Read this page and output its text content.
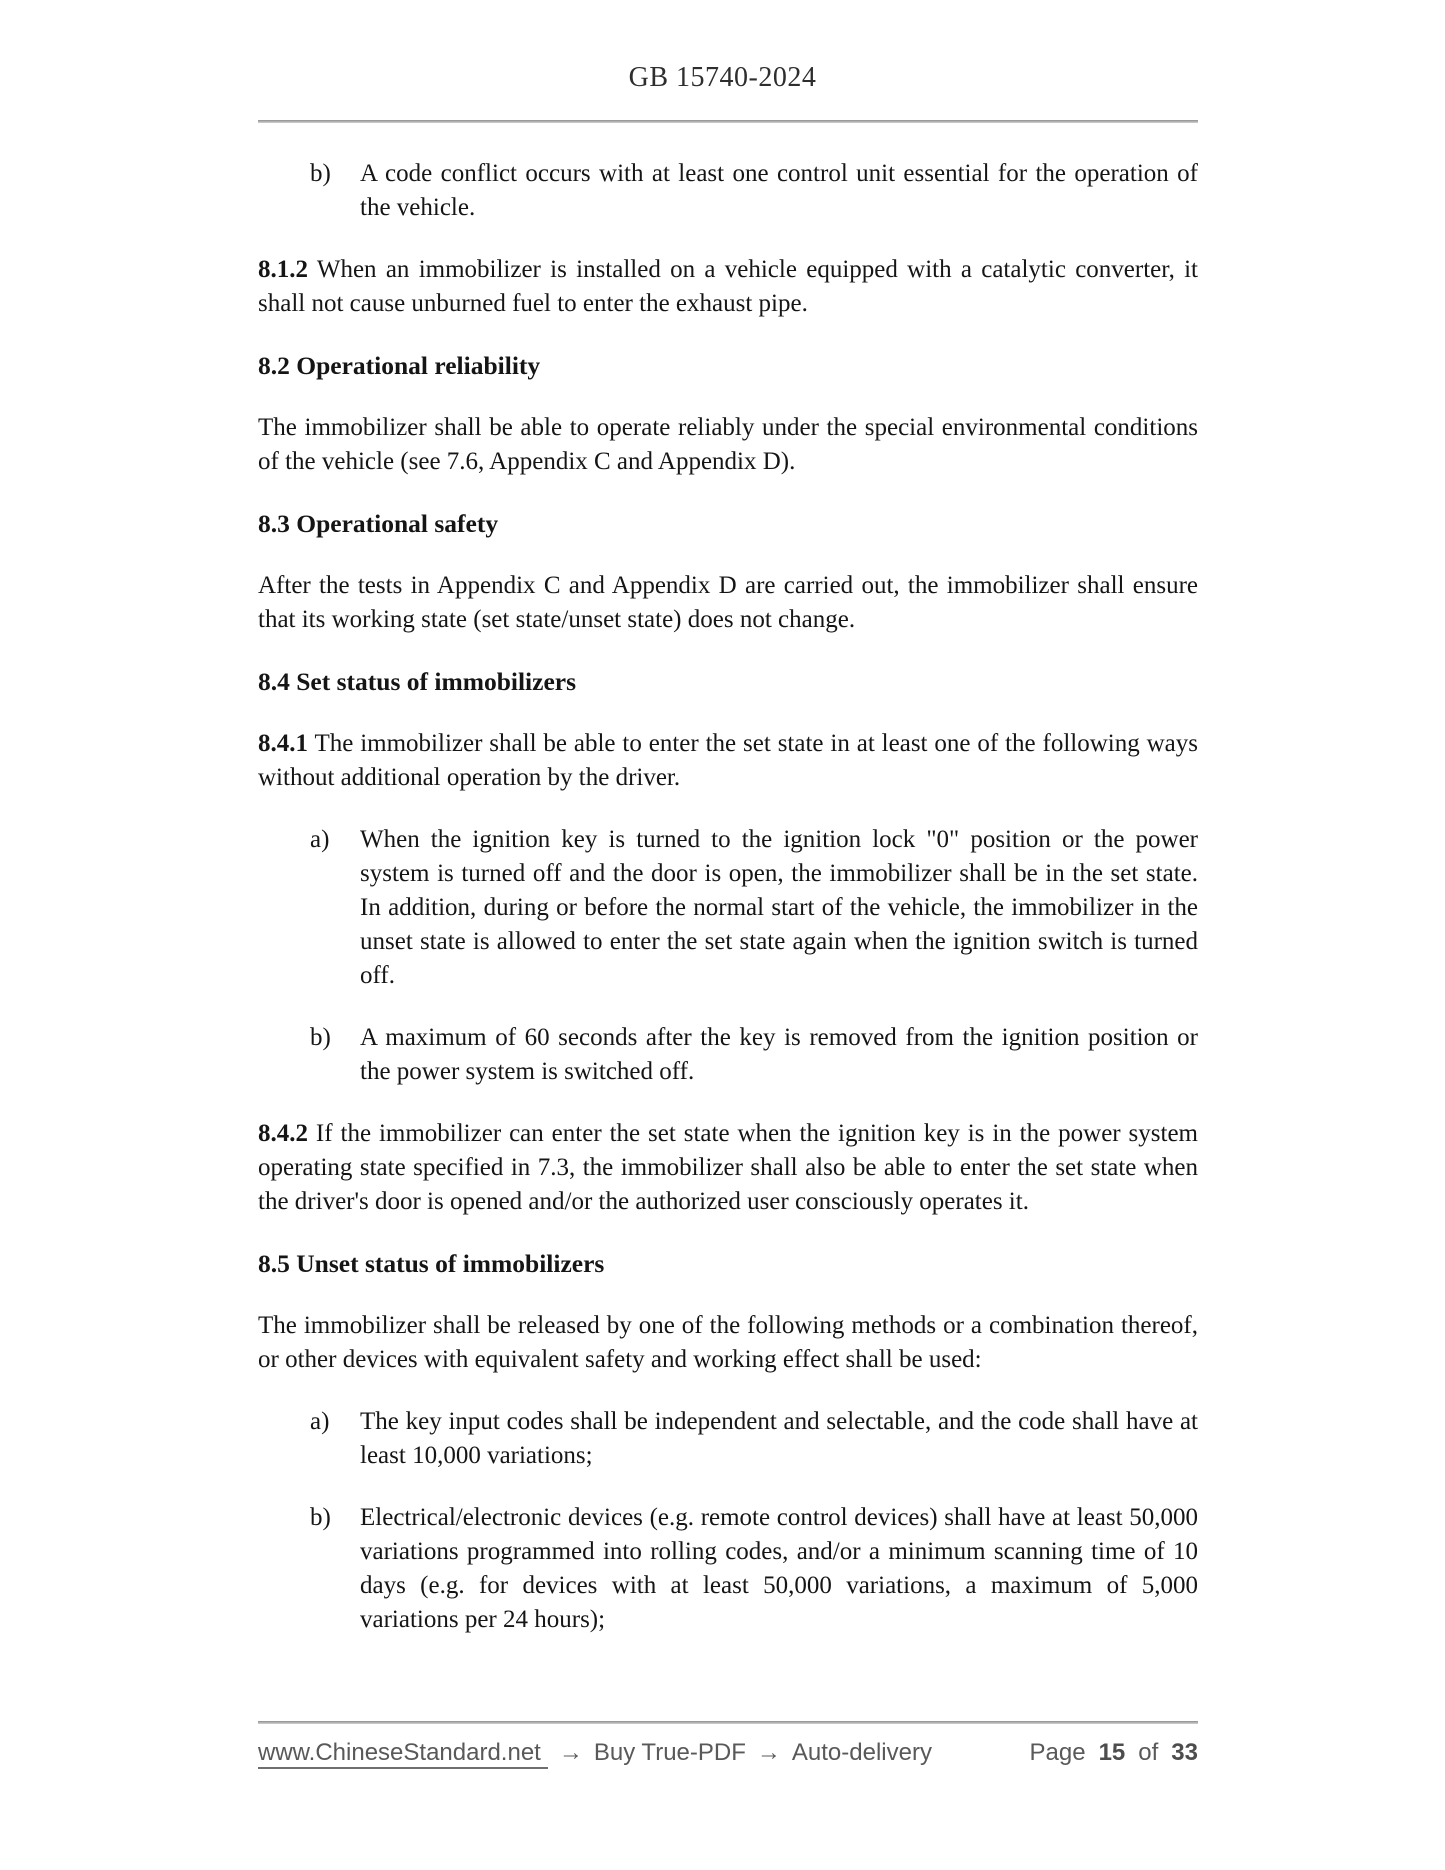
GB 15740-2024
b)	A code conflict occurs with at least one control unit essential for the operation of the vehicle.

8.1.2 When an immobilizer is installed on a vehicle equipped with a catalytic converter, it shall not cause unburned fuel to enter the exhaust pipe.

8.2 Operational reliability

The immobilizer shall be able to operate reliably under the special environmental conditions of the vehicle (see 7.6, Appendix C and Appendix D).

8.3 Operational safety

After the tests in Appendix C and Appendix D are carried out, the immobilizer shall ensure that its working state (set state/unset state) does not change.

8.4 Set status of immobilizers

8.4.1 The immobilizer shall be able to enter the set state in at least one of the following ways without additional operation by the driver.

a)	When the ignition key is turned to the ignition lock "0" position or the power system is turned off and the door is open, the immobilizer shall be in the set state. In addition, during or before the normal start of the vehicle, the immobilizer in the unset state is allowed to enter the set state again when the ignition switch is turned off.
b)	A maximum of 60 seconds after the key is removed from the ignition position or the power system is switched off.

8.4.2 If the immobilizer can enter the set state when the ignition key is in the power system operating state specified in 7.3, the immobilizer shall also be able to enter the set state when the driver's door is opened and/or the authorized user consciously operates it.

8.5 Unset status of immobilizers

The immobilizer shall be released by one of the following methods or a combination thereof, or other devices with equivalent safety and working effect shall be used:

a)	The key input codes shall be independent and selectable, and the code shall have at least 10,000 variations;
b)	Electrical/electronic devices (e.g. remote control devices) shall have at least 50,000 variations programmed into rolling codes, and/or a minimum scanning time of 10 days (e.g. for devices with at least 50,000 variations, a maximum of 5,000 variations per 24 hours);
www.ChineseStandard.net → Buy True-PDF → Auto-delivery	Page 15 of 33
